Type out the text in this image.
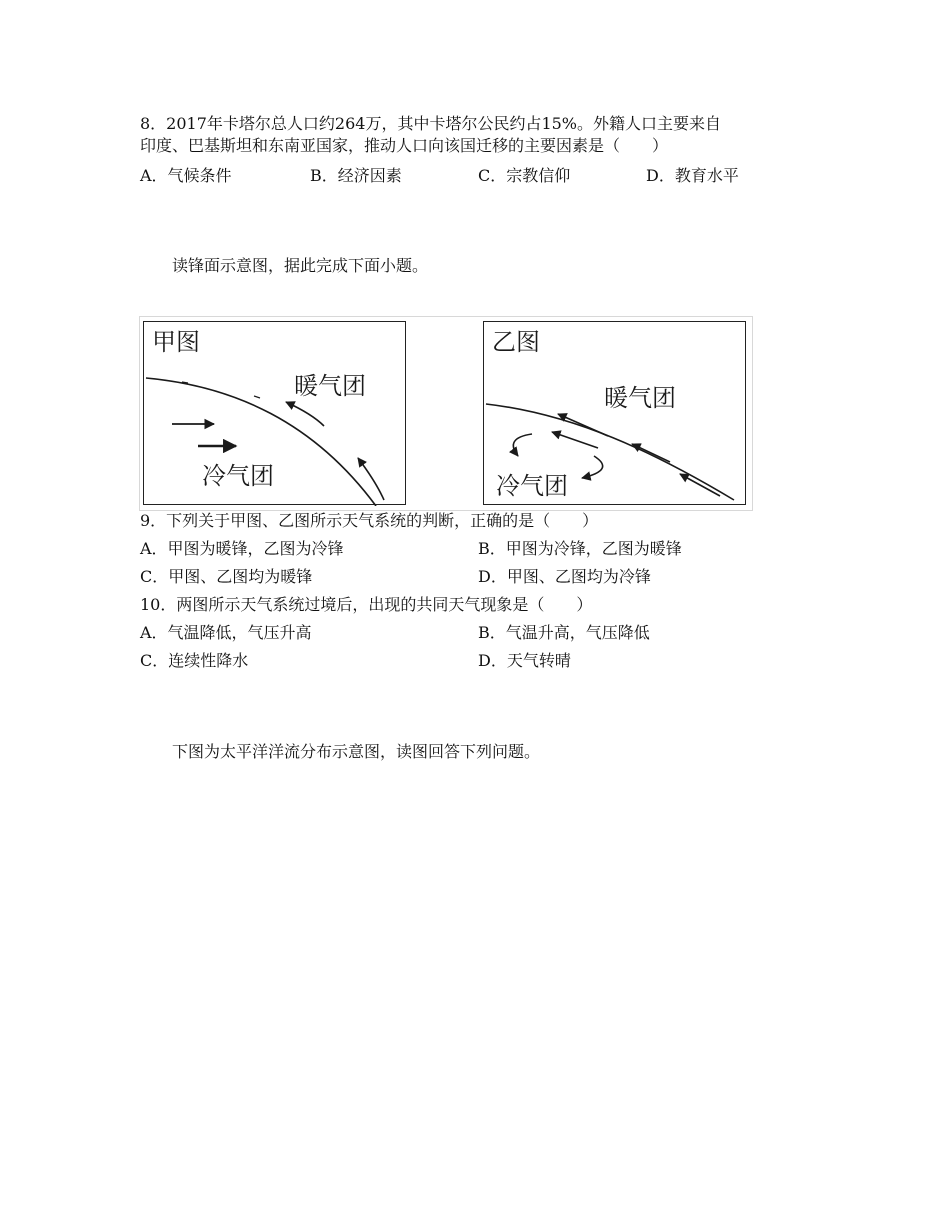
8．2017年卡塔尔总人口约264万，其中卡塔尔公民约占15%。外籍人口主要来自
印度、巴基斯坦和东南亚国家，推动人口向该国迁移的主要因素是（　　）
A．气候条件	B．经济因素	C．宗教信仰	D．教育水平
读锋面示意图，据此完成下面小题。
甲图
暖气团
冷气团
乙图
暖气团
冷气团
9．下列关于甲图、乙图所示天气系统的判断，正确的是（　　）
A．甲图为暖锋，乙图为冷锋	B．甲图为冷锋，乙图为暖锋
C．甲图、乙图均为暖锋	D．甲图、乙图均为冷锋
10．两图所示天气系统过境后，出现的共同天气现象是（　　）
A．气温降低，气压升高	B．气温升高，气压降低
C．连续性降水	D．天气转晴
下图为太平洋洋流分布示意图，读图回答下列问题。
